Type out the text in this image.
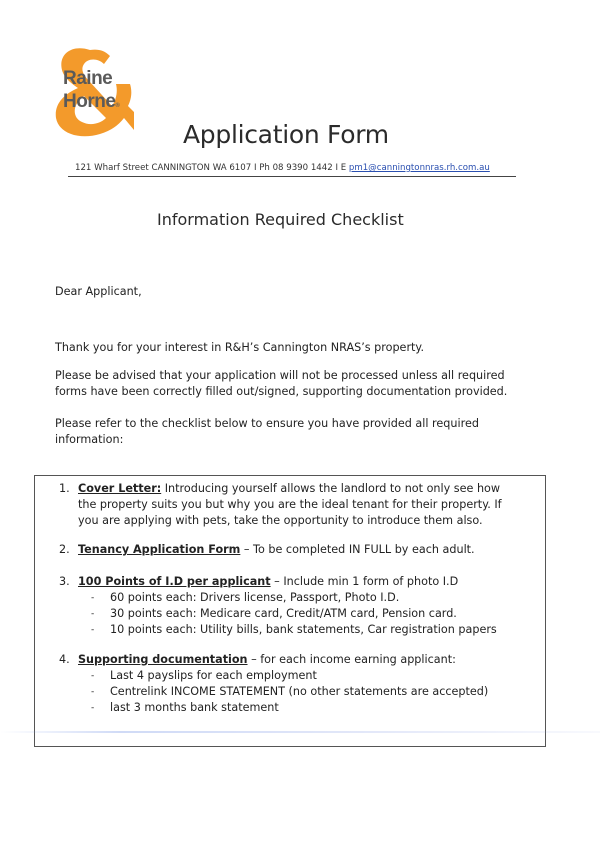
Raine
Horne®
Application Form
121 Wharf Street CANNINGTON WA 6107 I Ph 08 9390 1442 I E pm1@canningtonnras.rh.com.au
Information Required Checklist
Dear Applicant,
Thank you for your interest in R&H’s Cannington NRAS’s property.
Please be advised that your application will not be processed unless all required forms have been correctly filled out/signed, supporting documentation provided.
Please refer to the checklist below to ensure you have provided all required information:
1. Cover Letter: Introducing yourself allows the landlord to not only see how the property suits you but why you are the ideal tenant for their property. If you are applying with pets, take the opportunity to introduce them also.
2. Tenancy Application Form – To be completed IN FULL by each adult.
3. 100 Points of I.D per applicant – Include min 1 form of photo I.D
- 60 points each: Drivers license, Passport, Photo I.D.
- 30 points each: Medicare card, Credit/ATM card, Pension card.
- 10 points each: Utility bills, bank statements, Car registration papers
4. Supporting documentation – for each income earning applicant:
- Last 4 payslips for each employment
- Centrelink INCOME STATEMENT (no other statements are accepted)
- last 3 months bank statement
